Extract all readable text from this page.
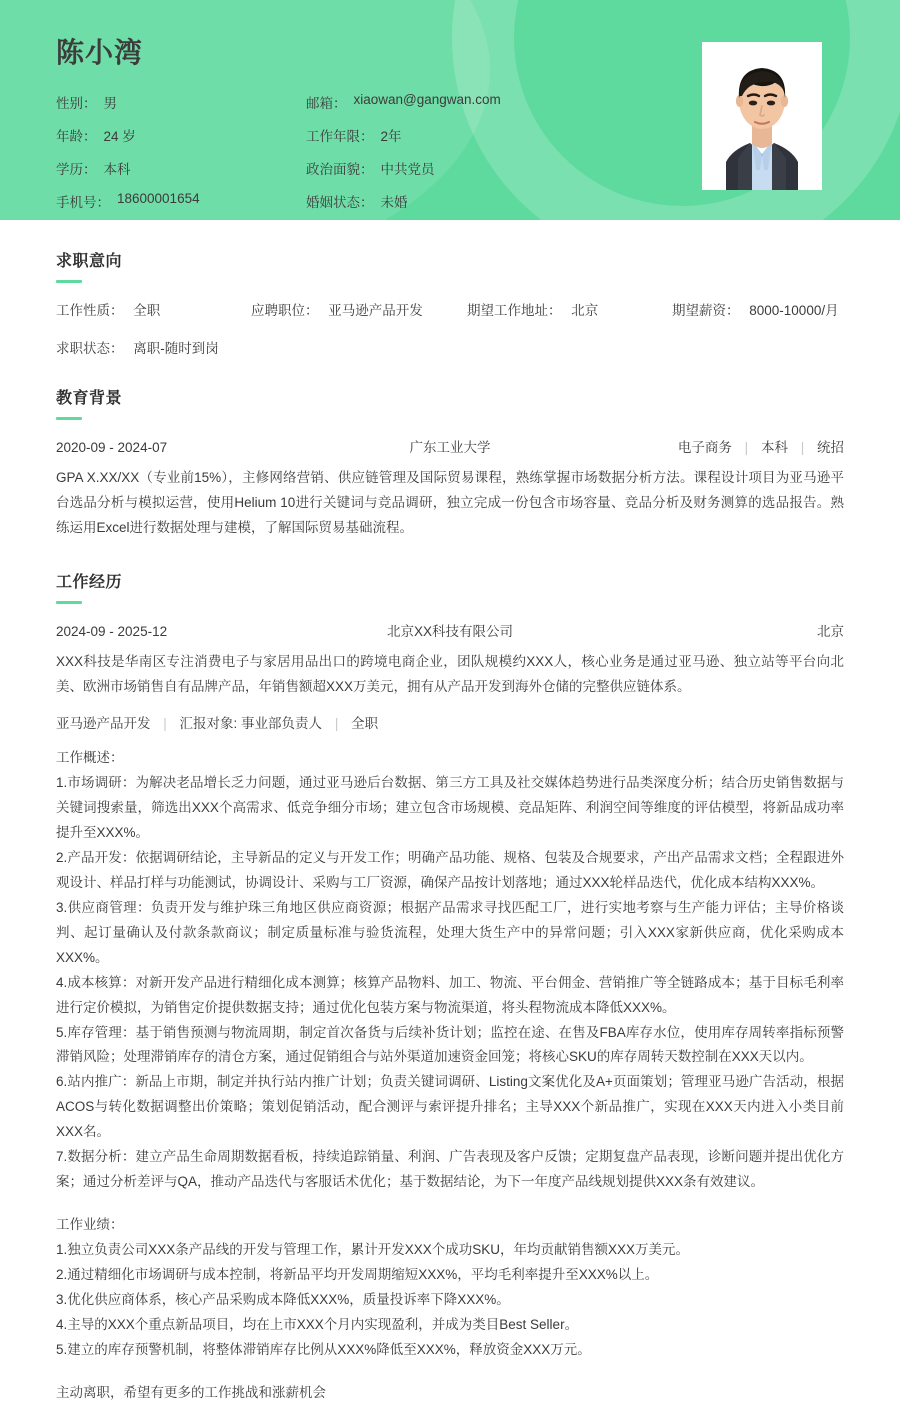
陈小湾
性别： 男	邮箱： xiaowan@gangwan.com
年龄： 24 岁	工作年限： 2年
学历： 本科	政治面貌： 中共党员
手机号： 18600001654	婚姻状态： 未婚
求职意向
工作性质： 全职	应聘职位： 亚马逊产品开发	期望工作地址： 北京	期望薪资： 8000-10000/月
求职状态： 离职-随时到岗
教育背景
2020-09 - 2024-07	广东工业大学	电子商务 | 本科 | 统招
GPA X.XX/XX（专业前15%），主修网络营销、供应链管理及国际贸易课程，熟练掌握市场数据分析方法。课程设计项目为亚马逊平台选品分析与模拟运营，使用Helium 10进行关键词与竞品调研，独立完成一份包含市场容量、竞品分析及财务测算的选品报告。熟练运用Excel进行数据处理与建模，了解国际贸易基础流程。
工作经历
2024-09 - 2025-12	北京XX科技有限公司	北京
XXX科技是华南区专注消费电子与家居用品出口的跨境电商企业，团队规模约XXX人，核心业务是通过亚马逊、独立站等平台向北美、欧洲市场销售自有品牌产品，年销售额超XXX万美元，拥有从产品开发到海外仓储的完整供应链体系。
亚马逊产品开发 | 汇报对象: 事业部负责人 | 全职
工作概述：

1.市场调研：为解决老品增长乏力问题，通过亚马逊后台数据、第三方工具及社交媒体趋势进行品类深度分析；结合历史销售数据与关键词搜索量，筛选出XXX个高需求、低竞争细分市场；建立包含市场规模、竞品矩阵、利润空间等维度的评估模型，将新品成功率提升至XXX%。

2.产品开发：依据调研结论，主导新品的定义与开发工作；明确产品功能、规格、包装及合规要求，产出产品需求文档；全程跟进外观设计、样品打样与功能测试，协调设计、采购与工厂资源，确保产品按计划落地；通过XXX轮样品迭代，优化成本结构XXX%。

3.供应商管理：负责开发与维护珠三角地区供应商资源；根据产品需求寻找匹配工厂，进行实地考察与生产能力评估；主导价格谈判、起订量确认及付款条款商议；制定质量标准与验货流程，处理大货生产中的异常问题；引入XXX家新供应商，优化采购成本XXX%。

4.成本核算：对新开发产品进行精细化成本测算；核算产品物料、加工、物流、平台佣金、营销推广等全链路成本；基于目标毛利率进行定价模拟，为销售定价提供数据支持；通过优化包装方案与物流渠道，将头程物流成本降低XXX%。

5.库存管理：基于销售预测与物流周期，制定首次备货与后续补货计划；监控在途、在售及FBA库存水位，使用库存周转率指标预警滞销风险；处理滞销库存的清仓方案，通过促销组合与站外渠道加速资金回笼；将核心SKU的库存周转天数控制在XXX天以内。

6.站内推广：新品上市期，制定并执行站内推广计划；负责关键词调研、Listing文案优化及A+页面策划；管理亚马逊广告活动，根据ACOS与转化数据调整出价策略；策划促销活动，配合测评与索评提升排名；主导XXX个新品推广，实现在XXX天内进入小类目前XXX名。

7.数据分析：建立产品生命周期数据看板，持续追踪销量、利润、广告表现及客户反馈；定期复盘产品表现，诊断问题并提出优化方案；通过分析差评与QA，推动产品迭代与客服话术优化；基于数据结论，为下一年度产品线规划提供XXX条有效建议。

工作业绩：

1.独立负责公司XXX条产品线的开发与管理工作，累计开发XXX个成功SKU，年均贡献销售额XXX万美元。

2.通过精细化市场调研与成本控制，将新品平均开发周期缩短XXX%，平均毛利率提升至XXX%以上。

3.优化供应商体系，核心产品采购成本降低XXX%，质量投诉率下降XXX%。

4.主导的XXX个重点新品项目，均在上市XXX个月内实现盈利，并成为类目Best Seller。

5.建立的库存预警机制，将整体滞销库存比例从XXX%降低至XXX%，释放资金XXX万元。

主动离职，希望有更多的工作挑战和涨薪机会
